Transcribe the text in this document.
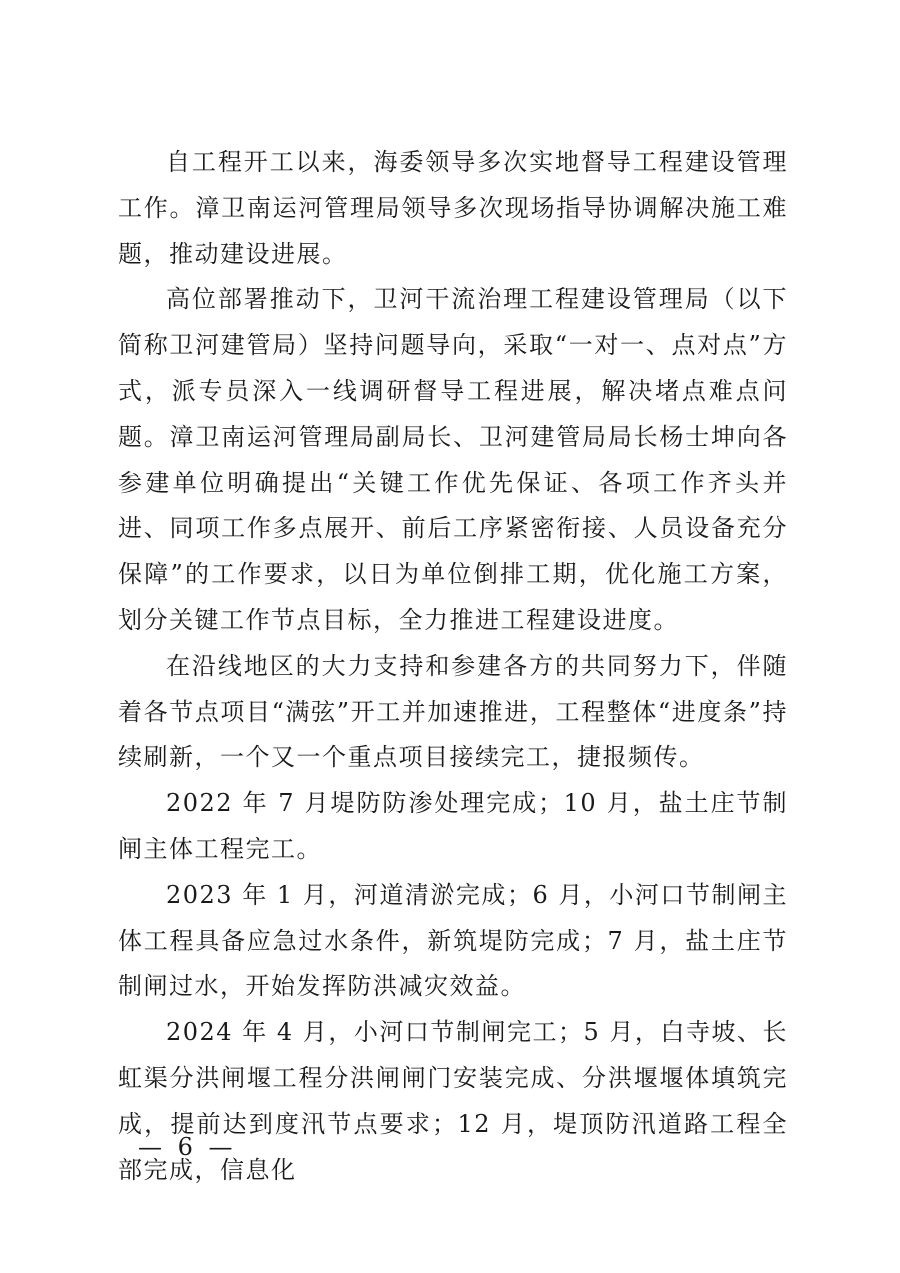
自工程开工以来，海委领导多次实地督导工程建设管理工作。漳卫南运河管理局领导多次现场指导协调解决施工难题，推动建设进展。

高位部署推动下，卫河干流治理工程建设管理局（以下简称卫河建管局）坚持问题导向，采取“一对一、点对点”方式，派专员深入一线调研督导工程进展，解决堵点难点问题。漳卫南运河管理局副局长、卫河建管局局长杨士坤向各参建单位明确提出“关键工作优先保证、各项工作齐头并进、同项工作多点展开、前后工序紧密衔接、人员设备充分保障”的工作要求，以日为单位倒排工期，优化施工方案，划分关键工作节点目标，全力推进工程建设进度。

在沿线地区的大力支持和参建各方的共同努力下，伴随着各节点项目“满弦”开工并加速推进，工程整体“进度条”持续刷新，一个又一个重点项目接续完工，捷报频传。

2022 年 7 月堤防防渗处理完成；10 月，盐土庄节制闸主体工程完工。

2023 年 1 月，河道清淤完成；6 月，小河口节制闸主体工程具备应急过水条件，新筑堤防完成；7 月，盐土庄节制闸过水，开始发挥防洪减灾效益。

2024 年 4 月，小河口节制闸完工；5 月，白寺坡、长虹渠分洪闸堰工程分洪闸闸门安装完成、分洪堰堰体填筑完成，提前达到度汛节点要求；12 月，堤顶防汛道路工程全部完成，信息化

— 6 —
